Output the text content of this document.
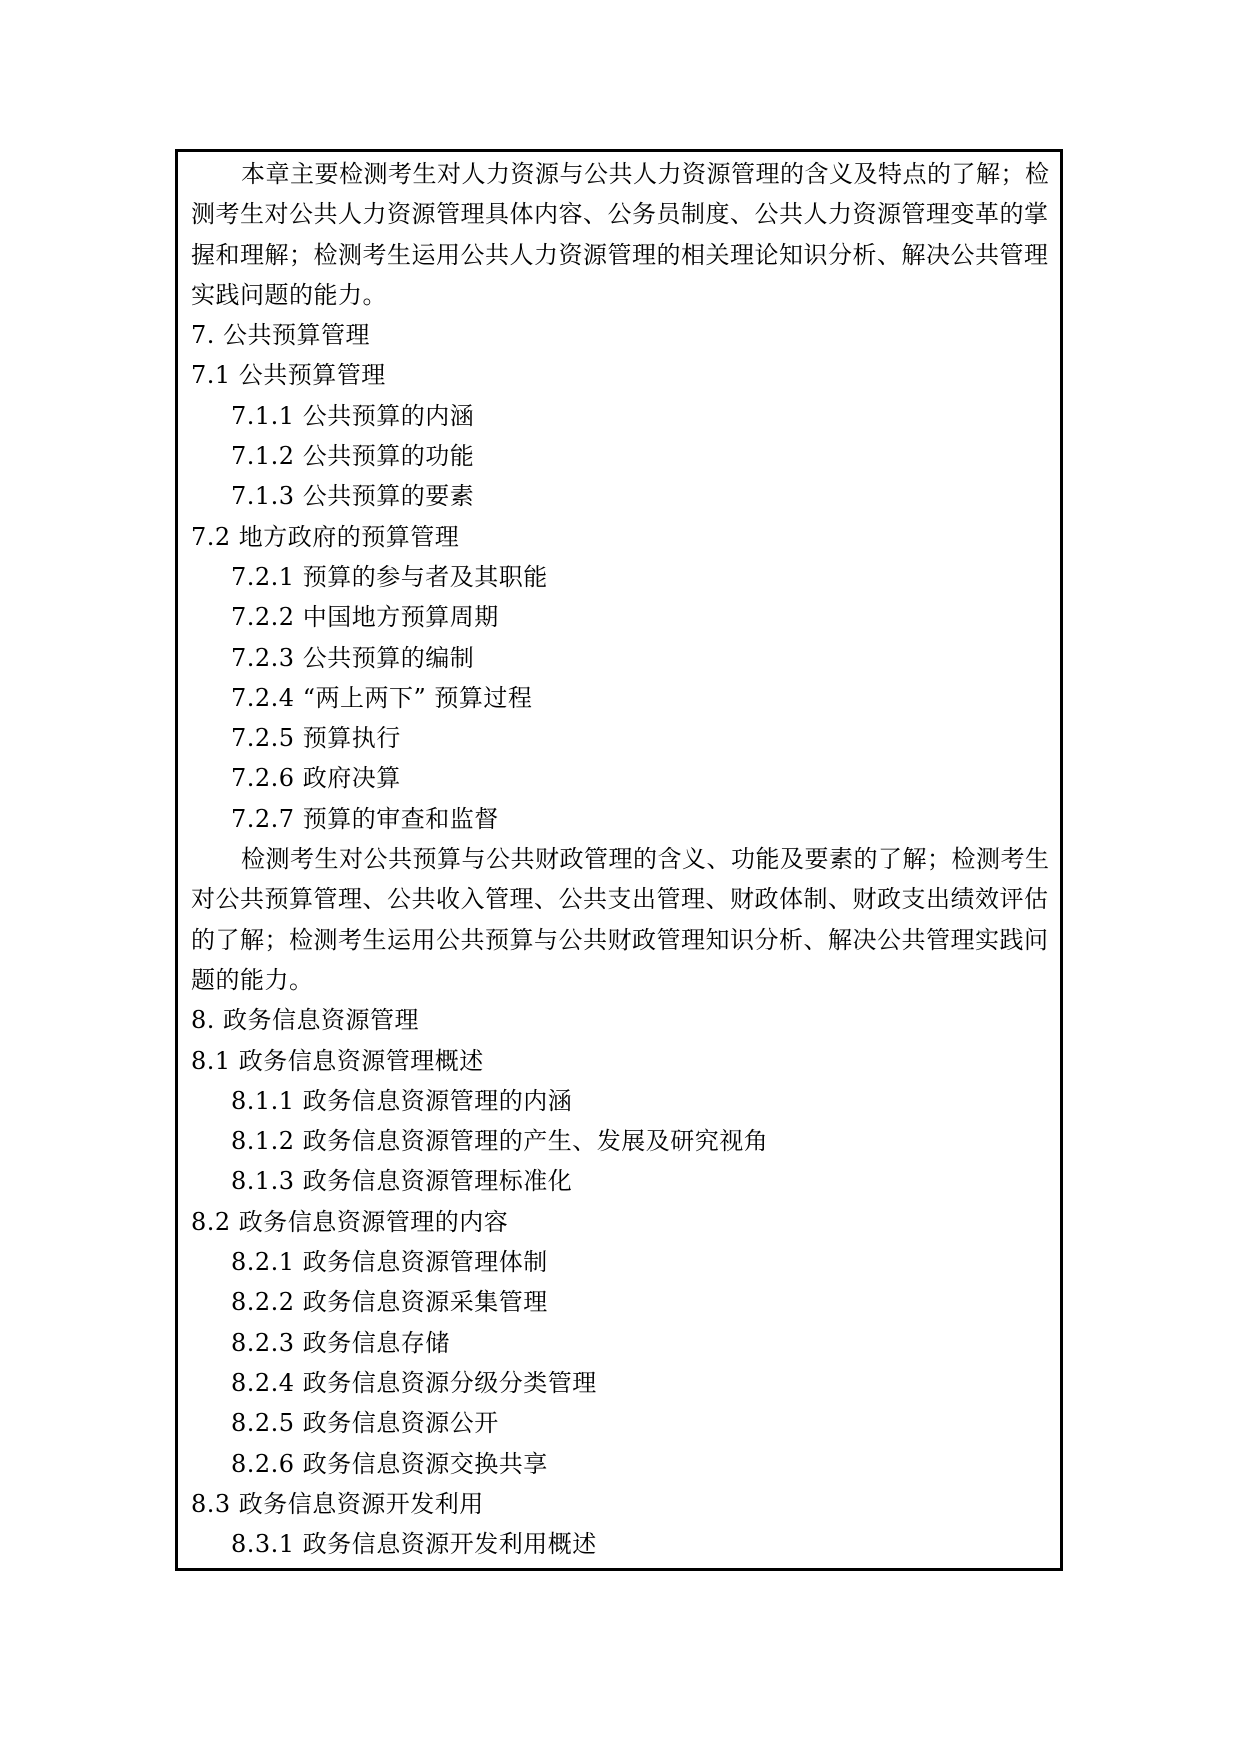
本章主要检测考生对人力资源与公共人力资源管理的含义及特点的了解；检
测考生对公共人力资源管理具体内容、公务员制度、公共人力资源管理变革的掌
握和理解；检测考生运用公共人力资源管理的相关理论知识分析、解决公共管理
实践问题的能力。
7. 公共预算管理
7.1 公共预算管理
7.1.1 公共预算的内涵
7.1.2 公共预算的功能
7.1.3 公共预算的要素
7.2 地方政府的预算管理
7.2.1 预算的参与者及其职能
7.2.2 中国地方预算周期
7.2.3 公共预算的编制
7.2.4 “两上两下” 预算过程
7.2.5 预算执行
7.2.6 政府决算
7.2.7 预算的审查和监督
检测考生对公共预算与公共财政管理的含义、功能及要素的了解；检测考生
对公共预算管理、公共收入管理、公共支出管理、财政体制、财政支出绩效评估
的了解；检测考生运用公共预算与公共财政管理知识分析、解决公共管理实践问
题的能力。
8. 政务信息资源管理
8.1 政务信息资源管理概述
8.1.1 政务信息资源管理的内涵
8.1.2 政务信息资源管理的产生、发展及研究视角
8.1.3 政务信息资源管理标准化
8.2 政务信息资源管理的内容
8.2.1 政务信息资源管理体制
8.2.2 政务信息资源采集管理
8.2.3 政务信息存储
8.2.4 政务信息资源分级分类管理
8.2.5 政务信息资源公开
8.2.6 政务信息资源交换共享
8.3 政务信息资源开发利用
8.3.1 政务信息资源开发利用概述
